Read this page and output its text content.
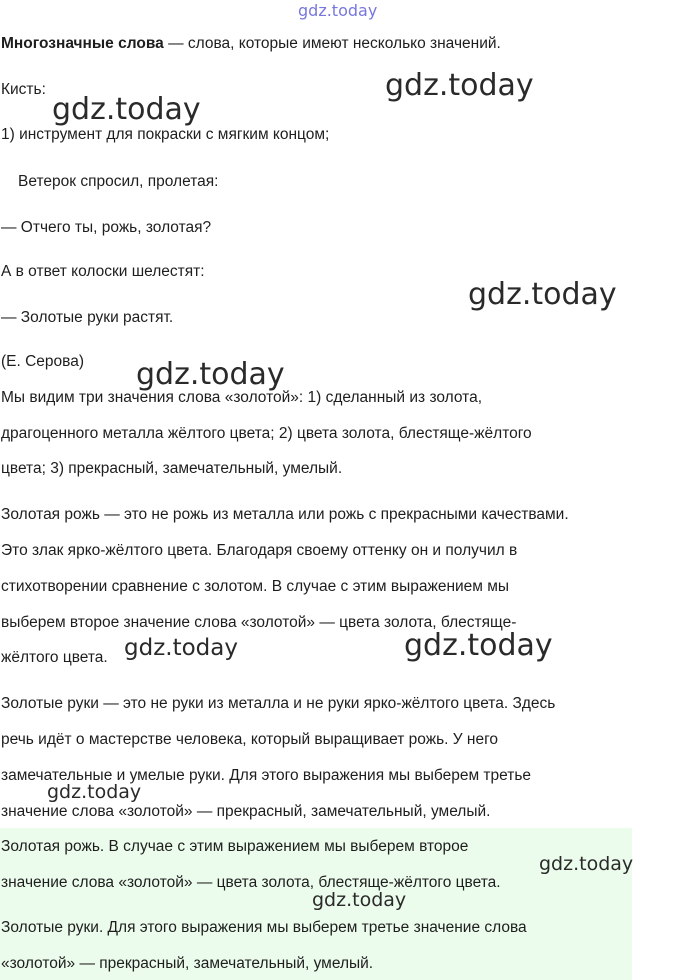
Многозначные слова — слова, которые имеют несколько значений.
Кисть:
1) инструмент для покраски с мягким концом;
Ветерок спросил, пролетая:
— Отчего ты, рожь, золотая?
А в ответ колоски шелестят:
— Золотые руки растят.
(Е. Серова)
Мы видим три значения слова «золотой»: 1) сделанный из золота,
драгоценного металла жёлтого цвета; 2) цвета золота, блестяще-жёлтого
цвета; 3) прекрасный, замечательный, умелый.
Золотая рожь — это не рожь из металла или рожь с прекрасными качествами.
Это злак ярко-жёлтого цвета. Благодаря своему оттенку он и получил в
стихотворении сравнение с золотом. В случае с этим выражением мы
выберем второе значение слова «золотой» — цвета золота, блестяще-
жёлтого цвета.
Золотые руки — это не руки из металла и не руки ярко-жёлтого цвета. Здесь
речь идёт о мастерстве человека, который выращивает рожь. У него
замечательные и умелые руки. Для этого выражения мы выберем третье
значение слова «золотой» — прекрасный, замечательный, умелый.
Золотая рожь. В случае с этим выражением мы выберем второе
значение слова «золотой» — цвета золота, блестяще-жёлтого цвета.
Золотые руки. Для этого выражения мы выберем третье значение слова
«золотой» — прекрасный, замечательный, умелый.
gdz.today
gdz.today
gdz.today
gdz.today
gdz.today
gdz.today	gdz.today
gdz.today
gdz.today
gdz.today
